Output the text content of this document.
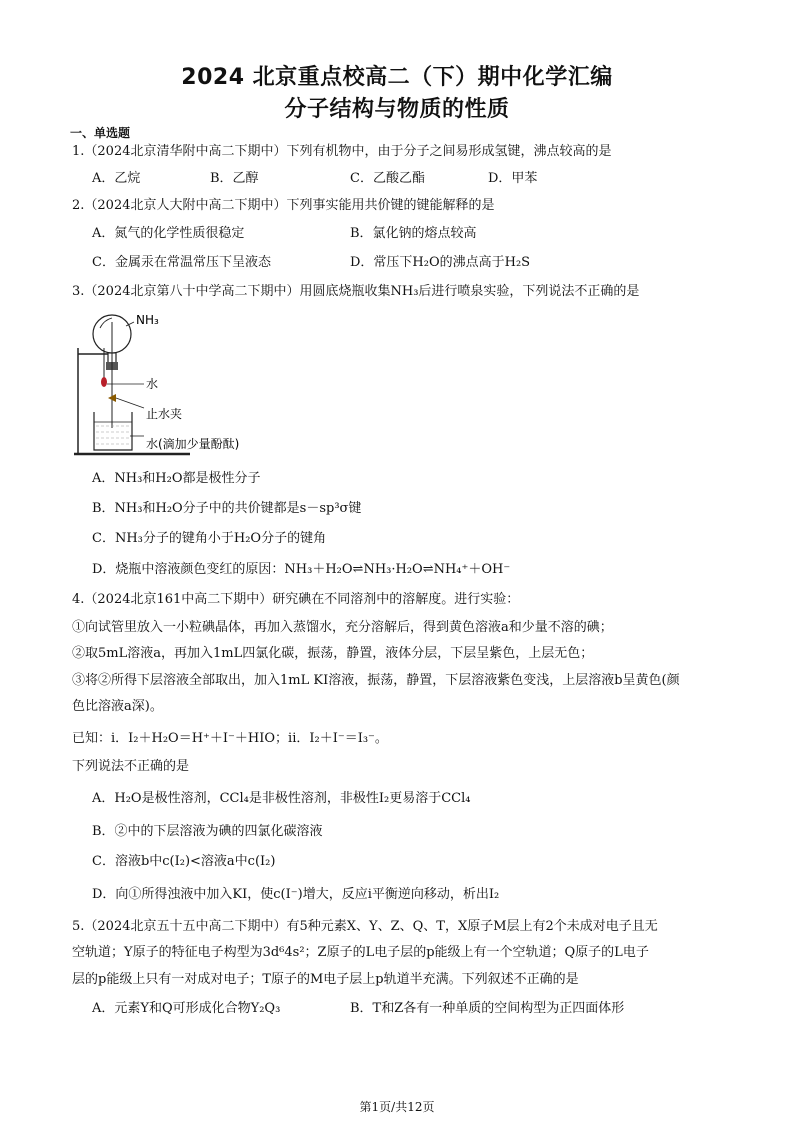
2024 北京重点校高二（下）期中化学汇编
分子结构与物质的性质
一、单选题
1.（2024北京清华附中高二下期中）下列有机物中，由于分子之间易形成氢键，沸点较高的是
A．乙烷	B．乙醇	C．乙酸乙酯	D．甲苯
2.（2024北京人大附中高二下期中）下列事实能用共价键的键能解释的是
A．氮气的化学性质很稳定	B．氯化钠的熔点较高
C．金属汞在常温常压下呈液态	D．常压下H₂O的沸点高于H₂S
3.（2024北京第八十中学高二下期中）用圆底烧瓶收集NH₃后进行喷泉实验，下列说法不正确的是
NH₃
水
止水夹
水(滴加少量酚酞)
A．NH₃和H₂O都是极性分子
B．NH₃和H₂O分子中的共价键都是s－sp³σ键
C．NH₃分子的键角小于H₂O分子的键角
D．烧瓶中溶液颜色变红的原因：NH₃＋H₂O⇌NH₃·H₂O⇌NH₄⁺＋OH⁻
4.（2024北京161中高二下期中）研究碘在不同溶剂中的溶解度。进行实验：
①向试管里放入一小粒碘晶体，再加入蒸馏水，充分溶解后，得到黄色溶液a和少量不溶的碘；
②取5mL溶液a，再加入1mL四氯化碳，振荡，静置，液体分层，下层呈紫色，上层无色；
③将②所得下层溶液全部取出，加入1mL KI溶液，振荡，静置，下层溶液紫色变浅，上层溶液b呈黄色(颜
色比溶液a深)。
已知：i．I₂＋H₂O＝H⁺＋I⁻＋HIO；ii．I₂＋I⁻＝I₃⁻。
下列说法不正确的是
A．H₂O是极性溶剂，CCl₄是非极性溶剂，非极性I₂更易溶于CCl₄
B．②中的下层溶液为碘的四氯化碳溶液
C．溶液b中c(I₂)<溶液a中c(I₂)
D．向①所得浊液中加入KI，使c(I⁻)增大，反应i平衡逆向移动，析出I₂
5.（2024北京五十五中高二下期中）有5种元素X、Y、Z、Q、T，X原子M层上有2个未成对电子且无
空轨道；Y原子的特征电子构型为3d⁶4s²；Z原子的L电子层的p能级上有一个空轨道；Q原子的L电子
层的p能级上只有一对成对电子；T原子的M电子层上p轨道半充满。下列叙述不正确的是
A．元素Y和Q可形成化合物Y₂Q₃	B．T和Z各有一种单质的空间构型为正四面体形
第1页/共12页
